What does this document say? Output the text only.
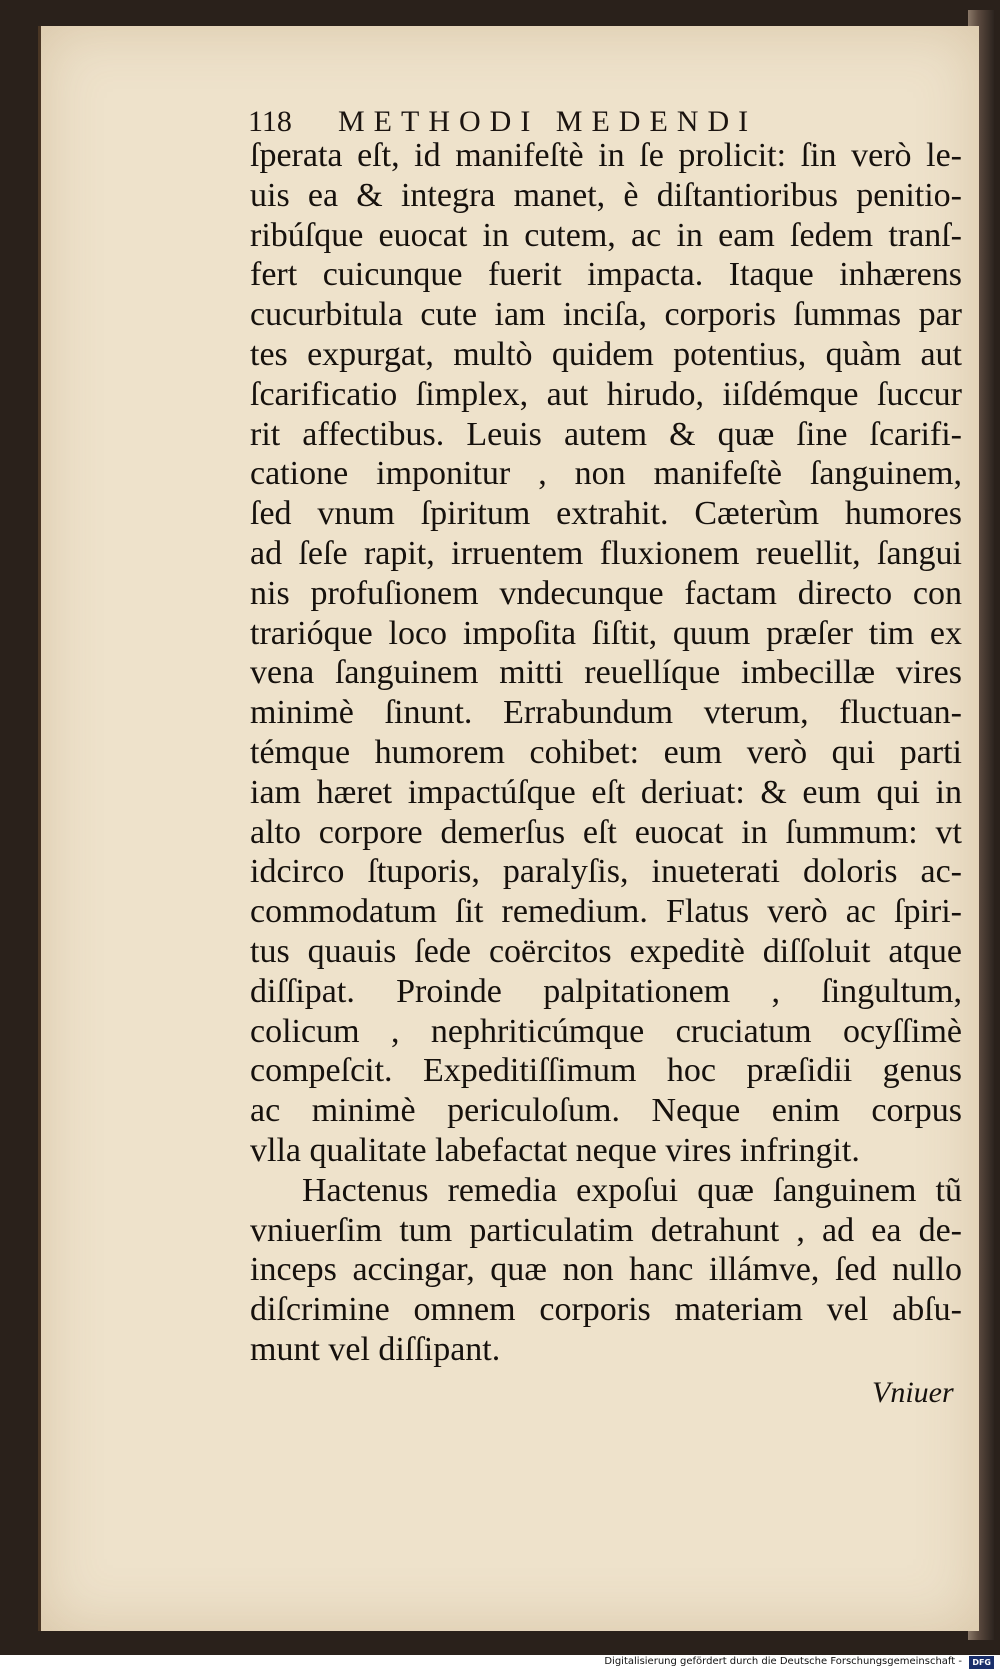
118	METHODI MEDENDI
ſperata eſt, id manifeſtè in ſe prolicit: ſin verò le-
uis ea & integra manet, è diſtantioribus penitio-
ribúſque euocat in cutem, ac in eam ſedem tranſ-
fert cuicunque fuerit impacta. Itaque inhærens
cucurbitula cute iam inciſa, corporis ſummas par
tes expurgat, multò quidem potentius, quàm aut
ſcarificatio ſimplex, aut hirudo, iiſdémque ſuccur
rit affectibus. Leuis autem & quæ ſine ſcarifi-
catione imponitur , non manifeſtè ſanguinem,
ſed vnum ſpiritum extrahit. Cæterùm humores
ad ſeſe rapit, irruentem fluxionem reuellit, ſangui
nis profuſionem vndecunque factam directo con
trarióque loco impoſita ſiſtit, quum præſer tim ex
vena ſanguinem mitti reuellíque imbecillæ vires
minimè ſinunt. Errabundum vterum, fluctuan-
témque humorem cohibet: eum verò qui parti
iam hæret impactúſque eſt deriuat: & eum qui in
alto corpore demerſus eſt euocat in ſummum: vt
idcirco ſtuporis, paralyſis, inueterati doloris ac-
commodatum ſit remedium. Flatus verò ac ſpiri-
tus quauis ſede coërcitos expeditè diſſoluit atque
diſſipat. Proinde palpitationem , ſingultum,
colicum , nephriticúmque cruciatum ocyſſimè
compeſcit. Expeditiſſimum hoc præſidii genus
ac minimè periculoſum. Neque enim corpus
vlla qualitate labefactat neque vires infringit.
Hactenus remedia expoſui quæ ſanguinem tũ
vniuerſim tum particulatim detrahunt , ad ea de-
inceps accingar, quæ non hanc illámve, ſed nullo
diſcrimine omnem corporis materiam vel abſu-
munt vel diſſipant.
Vniuer
Digitalisierung gefördert durch die Deutsche Forschungsgemeinschaft -	DFG
